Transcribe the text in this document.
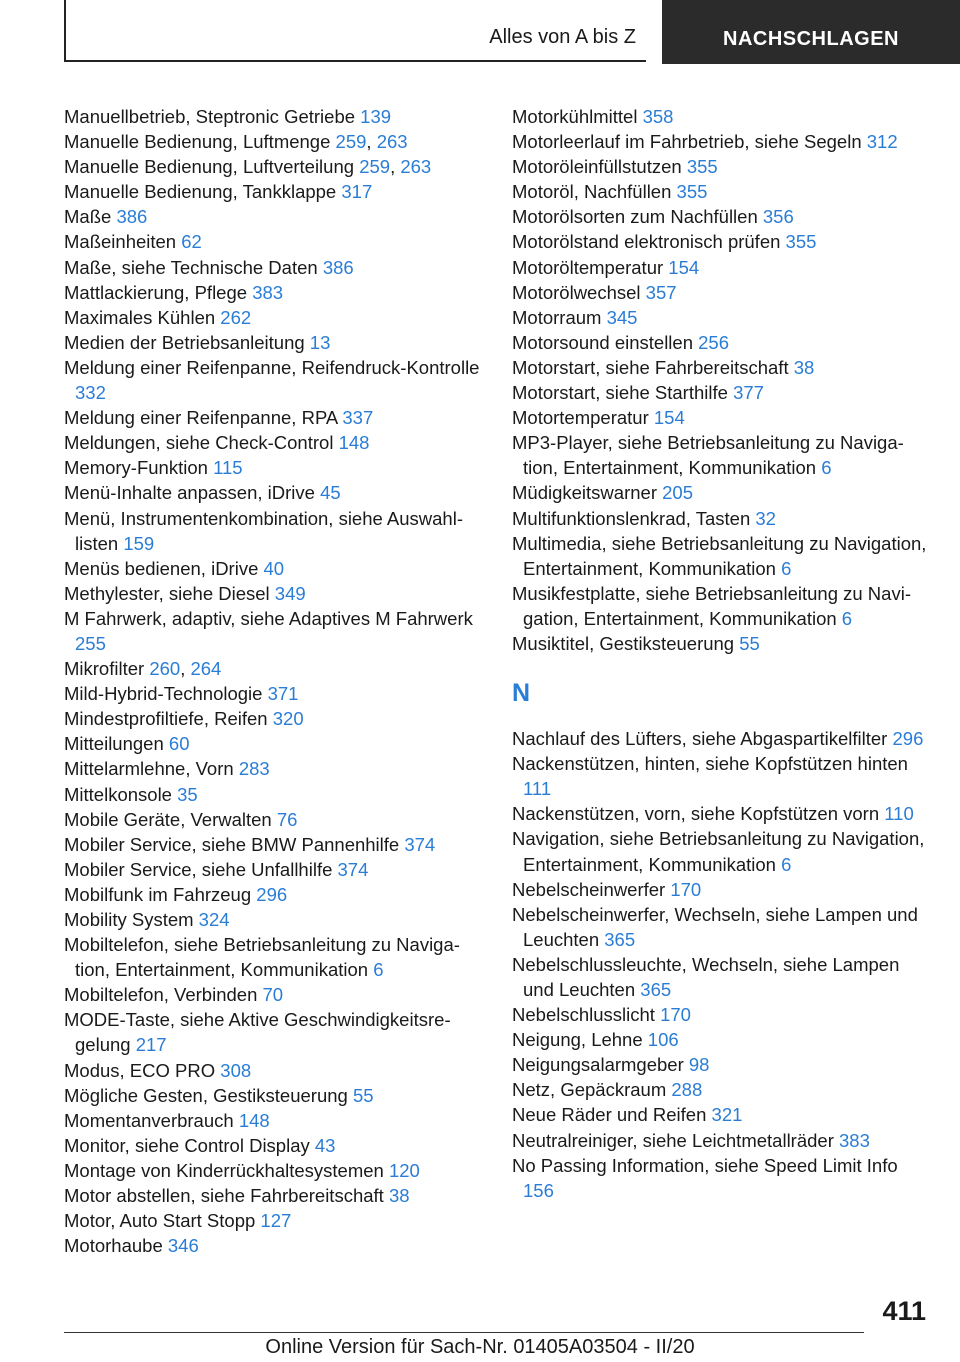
Alles von A bis Z	NACHSCHLAGEN
Manuellbetrieb, Steptronic Getriebe 139
Manuelle Bedienung, Luftmenge 259, 263
Manuelle Bedienung, Luftverteilung 259, 263
Manuelle Bedienung, Tankklappe 317
Maße 386
Maßeinheiten 62
Maße, siehe Technische Daten 386
Mattlackierung, Pflege 383
Maximales Kühlen 262
Medien der Betriebsanleitung 13
Meldung einer Reifenpanne, Reifendruck-Kontrolle 332
Meldung einer Reifenpanne, RPA 337
Meldungen, siehe Check-Control 148
Memory-Funktion 115
Menü-Inhalte anpassen, iDrive 45
Menü, Instrumentenkombination, siehe Auswahllisten 159
Menüs bedienen, iDrive 40
Methylester, siehe Diesel 349
M Fahrwerk, adaptiv, siehe Adaptives M Fahrwerk 255
Mikrofilter 260, 264
Mild-Hybrid-Technologie 371
Mindestprofiltiefe, Reifen 320
Mitteilungen 60
Mittelarmlehne, Vorn 283
Mittelkonsole 35
Mobile Geräte, Verwalten 76
Mobiler Service, siehe BMW Pannenhilfe 374
Mobiler Service, siehe Unfallhilfe 374
Mobilfunk im Fahrzeug 296
Mobility System 324
Mobiltelefon, siehe Betriebsanleitung zu Navigation, Entertainment, Kommunikation 6
Mobiltelefon, Verbinden 70
MODE-Taste, siehe Aktive Geschwindigkeitsregelung 217
Modus, ECO PRO 308
Mögliche Gesten, Gestiksteuerung 55
Momentanverbrauch 148
Monitor, siehe Control Display 43
Montage von Kinderrückhaltesystemen 120
Motor abstellen, siehe Fahrbereitschaft 38
Motor, Auto Start Stopp 127
Motorhaube 346
Motorkühlmittel 358
Motorleerlauf im Fahrbetrieb, siehe Segeln 312
Motoröleinfüllstutzen 355
Motoröl, Nachfüllen 355
Motorölsorten zum Nachfüllen 356
Motorölstand elektronisch prüfen 355
Motoröltemperatur 154
Motorölwechsel 357
Motorraum 345
Motorsound einstellen 256
Motorstart, siehe Fahrbereitschaft 38
Motorstart, siehe Starthilfe 377
Motortemperatur 154
MP3-Player, siehe Betriebsanleitung zu Navigation, Entertainment, Kommunikation 6
Müdigkeitswarner 205
Multifunktionslenkrad, Tasten 32
Multimedia, siehe Betriebsanleitung zu Navigation, Entertainment, Kommunikation 6
Musikfestplatte, siehe Betriebsanleitung zu Navigation, Entertainment, Kommunikation 6
Musiktitel, Gestiksteuerung 55
N
Nachlauf des Lüfters, siehe Abgaspartikelfilter 296
Nackenstützen, hinten, siehe Kopfstützen hinten 111
Nackenstützen, vorn, siehe Kopfstützen vorn 110
Navigation, siehe Betriebsanleitung zu Navigation, Entertainment, Kommunikation 6
Nebelscheinwerfer 170
Nebelscheinwerfer, Wechseln, siehe Lampen und Leuchten 365
Nebelschlussleuchte, Wechseln, siehe Lampen und Leuchten 365
Nebelschlusslicht 170
Neigung, Lehne 106
Neigungsalarmgeber 98
Netz, Gepäckraum 288
Neue Räder und Reifen 321
Neutralreiniger, siehe Leichtmetallräder 383
No Passing Information, siehe Speed Limit Info 156
411
Online Version für Sach-Nr. 01405A03504 - II/20
